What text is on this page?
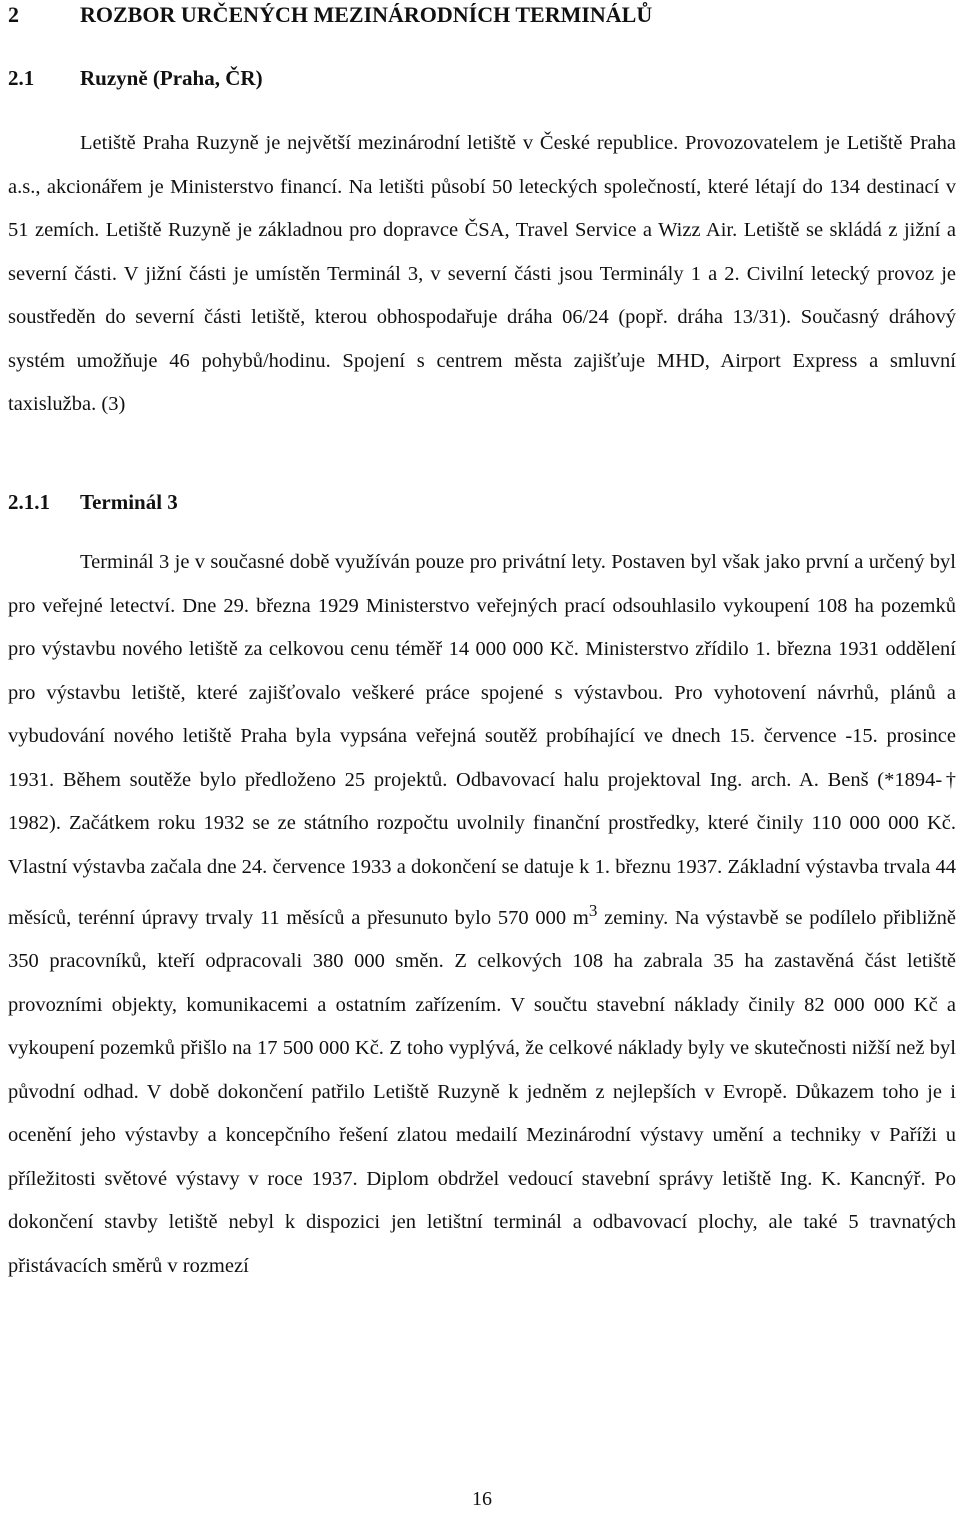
2	ROZBOR URČENÝCH MEZINÁRODNÍCH TERMINÁLŮ
2.1 Ruzyně (Praha, ČR)

Letiště Praha Ruzyně je největší mezinárodní letiště v České republice. Provozovatelem je Letiště Praha a.s., akcionářem je Ministerstvo financí. Na letišti působí 50 leteckých společností, které létají do 134 destinací v 51 zemích. Letiště Ruzyně je základnou pro dopravce ČSA, Travel Service a Wizz Air. Letiště se skládá z jižní a severní části. V jižní části je umístěn Terminál 3, v severní části jsou Terminály 1 a 2. Civilní letecký provoz je soustředěn do severní části letiště, kterou obhospodařuje dráha 06/24 (popř. dráha 13/31). Současný dráhový systém umožňuje 46 pohybů/hodinu. Spojení s centrem města zajišťuje MHD, Airport Express a smluvní taxislužba. (3)

2.1.1 Terminál 3

Terminál 3 je v současné době využíván pouze pro privátní lety. Postaven byl však jako první a určený byl pro veřejné letectví. Dne 29. března 1929 Ministerstvo veřejných prací odsouhlasilo vykoupení 108 ha pozemků pro výstavbu nového letiště za celkovou cenu téměř 14 000 000 Kč. Ministerstvo zřídilo 1. března 1931 oddělení pro výstavbu letiště, které zajišťovalo veškeré práce spojené s výstavbou. Pro vyhotovení návrhů, plánů a vybudování nového letiště Praha byla vypsána veřejná soutěž probíhající ve dnech 15. července -15. prosince 1931. Během soutěže bylo předloženo 25 projektů. Odbavovací halu projektoval Ing. arch. A. Benš (*1894-† 1982). Začátkem roku 1932 se ze státního rozpočtu uvolnily finanční prostředky, které činily 110 000 000 Kč. Vlastní výstavba začala dne 24. července 1933 a dokončení se datuje k 1. březnu 1937. Základní výstavba trvala 44 měsíců, terénní úpravy trvaly 11 měsíců a přesunuto bylo 570 000 $m^3$ zeminy. Na výstavbě se podílelo přibližně 350 pracovníků, kteří odpracovali 380 000 směn. Z celkových 108 ha zabrala 35 ha zastavěná část letiště provozními objekty, komunikacemi a ostatním zařízením. V součtu stavební náklady činily 82 000 000 Kč a vykoupení pozemků přišlo na 17 500 000 Kč. Z toho vyplývá, že celkové náklady byly ve skutečnosti nižší než byl původní odhad. V době dokončení patřilo Letiště Ruzyně k jedněm z nejlepších v Evropě. Důkazem toho je i ocenění jeho výstavby a koncepčního řešení zlatou medailí Mezinárodní výstavy umění a techniky v Paříži u příležitosti světové výstavy v roce 1937. Diplom obdržel vedoucí stavební správy letiště Ing. K. Kancnýř. Po dokončení stavby letiště nebyl k dispozici jen letištní terminál a odbavovací plochy, ale také 5 travnatých přistávacích směrů v rozmezí

16
